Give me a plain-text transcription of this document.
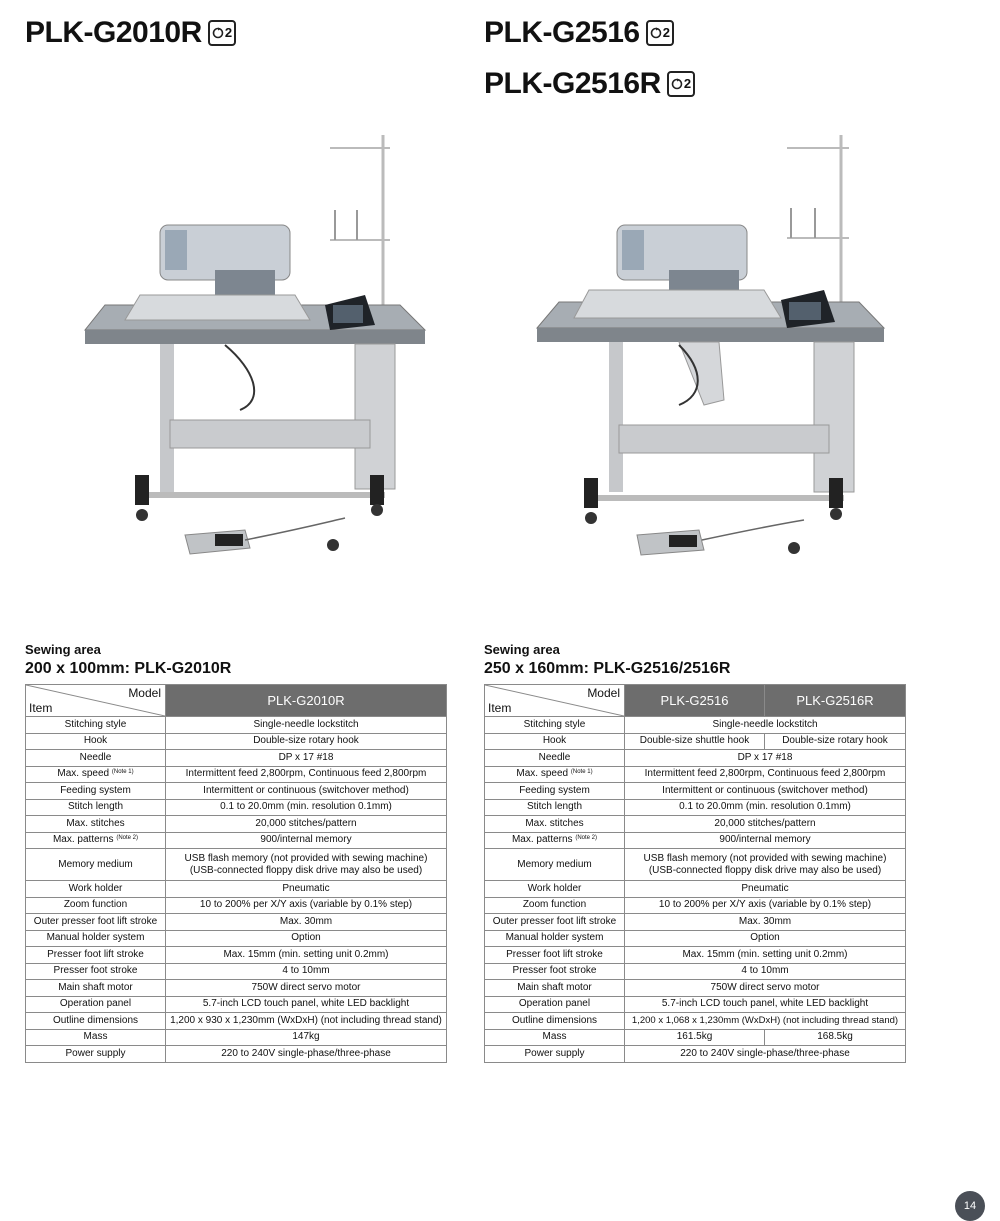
PLK-G2010R 2
Sewing area
200 x 100mm: PLK-G2010R
Model
Item	PLK-G2010R
Stitching style	Single-needle lockstitch
Hook	Double-size rotary hook
Needle	DP x 17 #18
Max. speed $^{(Note 1)}$	Intermittent feed 2,800rpm, Continuous feed 2,800rpm
Feeding system	Intermittent or continuous (switchover method)
Stitch length	0.1 to 20.0mm (min. resolution 0.1mm)
Max. stitches	20,000 stitches/pattern
Max. patterns $^{(Note 2)}$	900/internal memory
Memory medium	USB flash memory (not provided with sewing machine)
(USB-connected floppy disk drive may also be used)
Work holder	Pneumatic
Zoom function	10 to 200% per X/Y axis (variable by 0.1% step)
Outer presser foot lift stroke	Max. 30mm
Manual holder system	Option
Presser foot lift stroke	Max. 15mm (min. setting unit 0.2mm)
Presser foot stroke	4 to 10mm
Main shaft motor	750W direct servo motor
Operation panel	5.7-inch LCD touch panel, white LED backlight
Outline dimensions	1,200 x 930 x 1,230mm (WxDxH) (not including thread stand)
Mass	147kg
Power supply	220 to 240V single-phase/three-phase
PLK-G2516 2
PLK-G2516R 2
Sewing area
250 x 160mm: PLK-G2516/2516R
Model
Item	PLK-G2516	PLK-G2516R
Stitching style	Single-needle lockstitch	
Hook	Double-size shuttle hook	Double-size rotary hook
Needle	DP x 17 #18	
Max. speed $^{(Note 1)}$	Intermittent feed 2,800rpm, Continuous feed 2,800rpm	
Feeding system	Intermittent or continuous (switchover method)	
Stitch length	0.1 to 20.0mm (min. resolution 0.1mm)	
Max. stitches	20,000 stitches/pattern	
Max. patterns $^{(Note 2)}$	900/internal memory	
Memory medium	USB flash memory (not provided with sewing machine)
(USB-connected floppy disk drive may also be used)	
Work holder	Pneumatic	
Zoom function	10 to 200% per X/Y axis (variable by 0.1% step)	
Outer presser foot lift stroke	Max. 30mm	
Manual holder system	Option	
Presser foot lift stroke	Max. 15mm (min. setting unit 0.2mm)	
Presser foot stroke	4 to 10mm	
Main shaft motor	750W direct servo motor	
Operation panel	5.7-inch LCD touch panel, white LED backlight	
Outline dimensions	1,200 x 1,068 x 1,230mm (WxDxH) (not including thread stand)	
Mass	161.5kg	168.5kg
Power supply	220 to 240V single-phase/three-phase	
14
